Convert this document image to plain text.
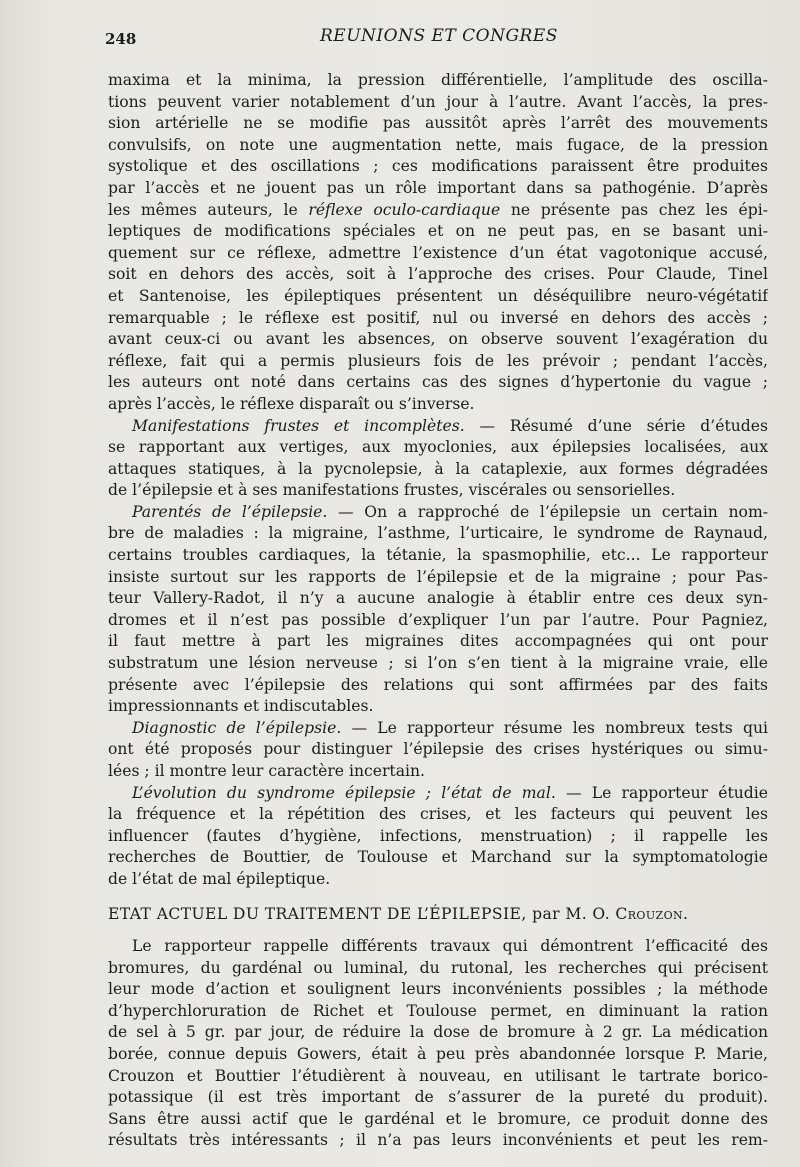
248	REUNIONS ET CONGRES
maxima et la minima, la pression différentielle, l’amplitude des oscilla-
tions peuvent varier notablement d’un jour à l’autre. Avant l’accès, la pres-
sion artérielle ne se modifie pas aussitôt après l’arrêt des mouvements
convulsifs, on note une augmentation nette, mais fugace, de la pression
systolique et des oscillations ; ces modifications paraissent être produites
par l’accès et ne jouent pas un rôle important dans sa pathogénie. D’après
les mêmes auteurs, le réflexe oculo-cardiaque ne présente pas chez les épi-
leptiques de modifications spéciales et on ne peut pas, en se basant uni-
quement sur ce réflexe, admettre l’existence d’un état vagotonique accusé,
soit en dehors des accès, soit à l’approche des crises. Pour Claude, Tinel
et Santenoise, les épileptiques présentent un déséquilibre neuro-végétatif
remarquable ; le réflexe est positif, nul ou inversé en dehors des accès ;
avant ceux-ci ou avant les absences, on observe souvent l’exagération du
réflexe, fait qui a permis plusieurs fois de les prévoir ; pendant l’accès,
les auteurs ont noté dans certains cas des signes d’hypertonie du vague ;
après l’accès, le réflexe disparaît ou s’inverse.
Manifestations frustes et incomplètes. — Résumé d’une série d’études
se rapportant aux vertiges, aux myoclonies, aux épilepsies localisées, aux
attaques statiques, à la pycnolepsie, à la cataplexie, aux formes dégradées
de l’épilepsie et à ses manifestations frustes, viscérales ou sensorielles.
Parentés de l’épilepsie. — On a rapproché de l’épilepsie un certain nom-
bre de maladies : la migraine, l’asthme, l’urticaire, le syndrome de Raynaud,
certains troubles cardiaques, la tétanie, la spasmophilie, etc... Le rapporteur
insiste surtout sur les rapports de l’épilepsie et de la migraine ; pour Pas-
teur Vallery-Radot, il n’y a aucune analogie à établir entre ces deux syn-
dromes et il n’est pas possible d’expliquer l’un par l’autre. Pour Pagniez,
il faut mettre à part les migraines dites accompagnées qui ont pour
substratum une lésion nerveuse ; si l’on s’en tient à la migraine vraie, elle
présente avec l’épilepsie des relations qui sont affirmées par des faits
impressionnants et indiscutables.
Diagnostic de l’épilepsie. — Le rapporteur résume les nombreux tests qui
ont été proposés pour distinguer l’épilepsie des crises hystériques ou simu-
lées ; il montre leur caractère incertain.
L’évolution du syndrome épilepsie ; l’état de mal. — Le rapporteur étudie
la fréquence et la répétition des crises, et les facteurs qui peuvent les
influencer (fautes d’hygiène, infections, menstruation) ; il rappelle les
recherches de Bouttier, de Toulouse et Marchand sur la symptomatologie
de l’état de mal épileptique.
ETAT ACTUEL DU TRAITEMENT DE L’ÉPILEPSIE, par M. O. Crouzon.
Le rapporteur rappelle différents travaux qui démontrent l’efficacité des
bromures, du gardénal ou luminal, du rutonal, les recherches qui précisent
leur mode d’action et soulignent leurs inconvénients possibles ; la méthode
d’hyperchloruration de Richet et Toulouse permet, en diminuant la ration
de sel à 5 gr. par jour, de réduire la dose de bromure à 2 gr. La médication
borée, connue depuis Gowers, était à peu près abandonnée lorsque P. Marie,
Crouzon et Bouttier l’étudièrent à nouveau, en utilisant le tartrate borico-
potassique (il est très important de s’assurer de la pureté du produit).
Sans être aussi actif que le gardénal et le bromure, ce produit donne des
résultats très intéressants ; il n’a pas leurs inconvénients et peut les rem-
